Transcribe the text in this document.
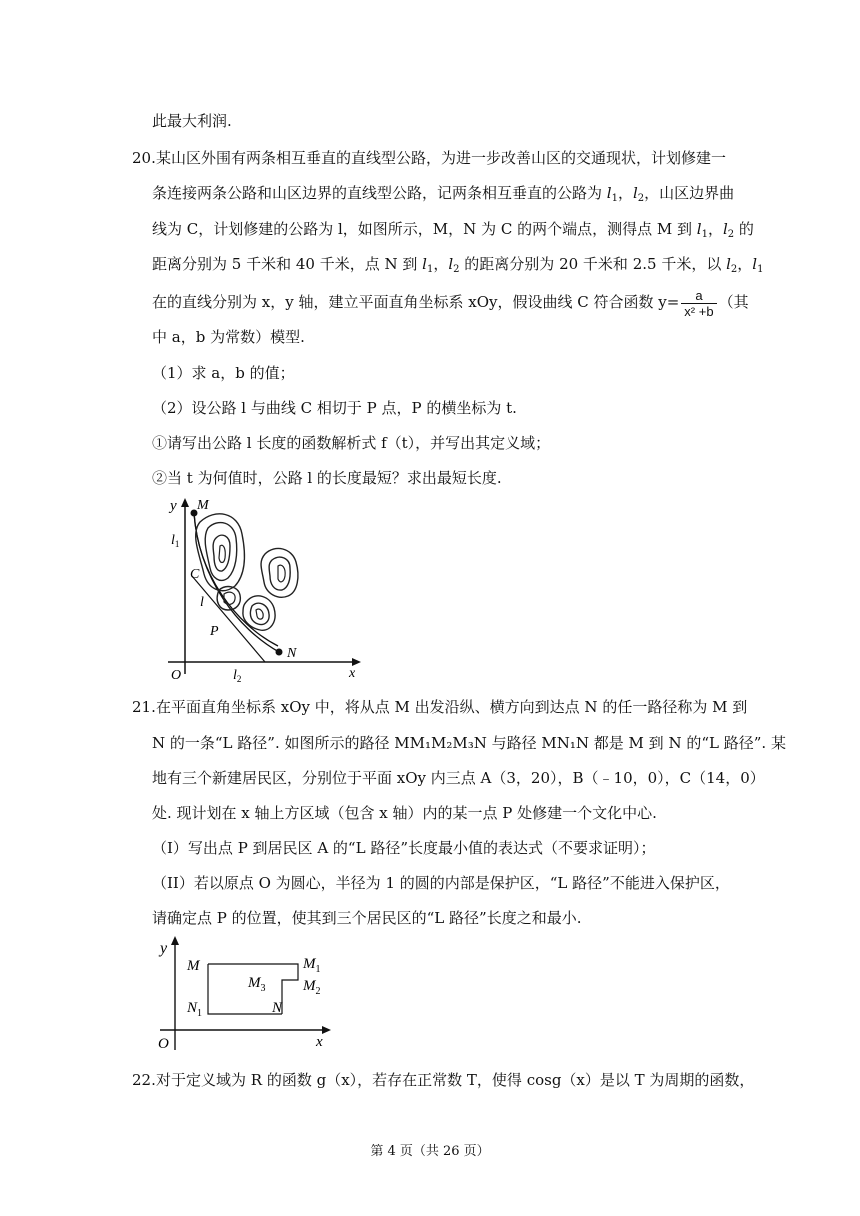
此最大利润.
20. 某山区外围有两条相互垂直的直线型公路，为进一步改善山区的交通现状，计划修建一
条连接两条公路和山区边界的直线型公路，记两条相互垂直的公路为 $l_1$，$l_2$，山区边界曲
线为 C，计划修建的公路为 l，如图所示，M，N 为 C 的两个端点，测得点 M 到 $l_1$，$l_2$ 的
距离分别为 5 千米和 40 千米，点 N 到 $l_1$，$l_2$ 的距离分别为 20 千米和 2.5 千米，以 $l_2$，$l_1$
在的直线分别为 x，y 轴，建立平面直角坐标系 xOy，假设曲线 C 符合函数 $y= \frac{a}{\text{x² +b}}$ （其
中 a，b 为常数）模型.
（1）求 a，b 的值；
（2）设公路 l 与曲线 C 相切于 P 点，P 的横坐标为 t.
①请写出公路 l 长度的函数解析式 f（t），并写出其定义域；
②当 t 为何值时，公路 l 的长度最短？求出最短长度.
y M
$l_1$
C
l
P
N
O	$l_2$	x
21. 在平面直角坐标系 xOy 中，将从点 M 出发沿纵、横方向到达点 N 的任一路径称为 M 到
N 的一条“L 路径”. 如图所示的路径 MM₁M₂M₃N 与路径 MN₁N 都是 M 到 N 的“L 路径”. 某
地有三个新建居民区，分别位于平面 xOy 内三点 A（3，20），B（﹣10，0），C（14，0）
处. 现计划在 x 轴上方区域（包含 x 轴）内的某一点 P 处修建一个文化中心.
（I）写出点 P 到居民区 A 的“L 路径”长度最小值的表达式（不要求证明）；
（II）若以原点 O 为圆心，半径为 1 的圆的内部是保护区，“L 路径”不能进入保护区，
请确定点 P 的位置，使其到三个居民区的“L 路径”长度之和最小.
y
M	$M_1$
$M_2$
$M_3$
$N_1$	N
O	x
22. 对于定义域为 R 的函数 g（x），若存在正常数 T，使得 cosg（x）是以 T 为周期的函数，
第 4 页（共 26 页）
